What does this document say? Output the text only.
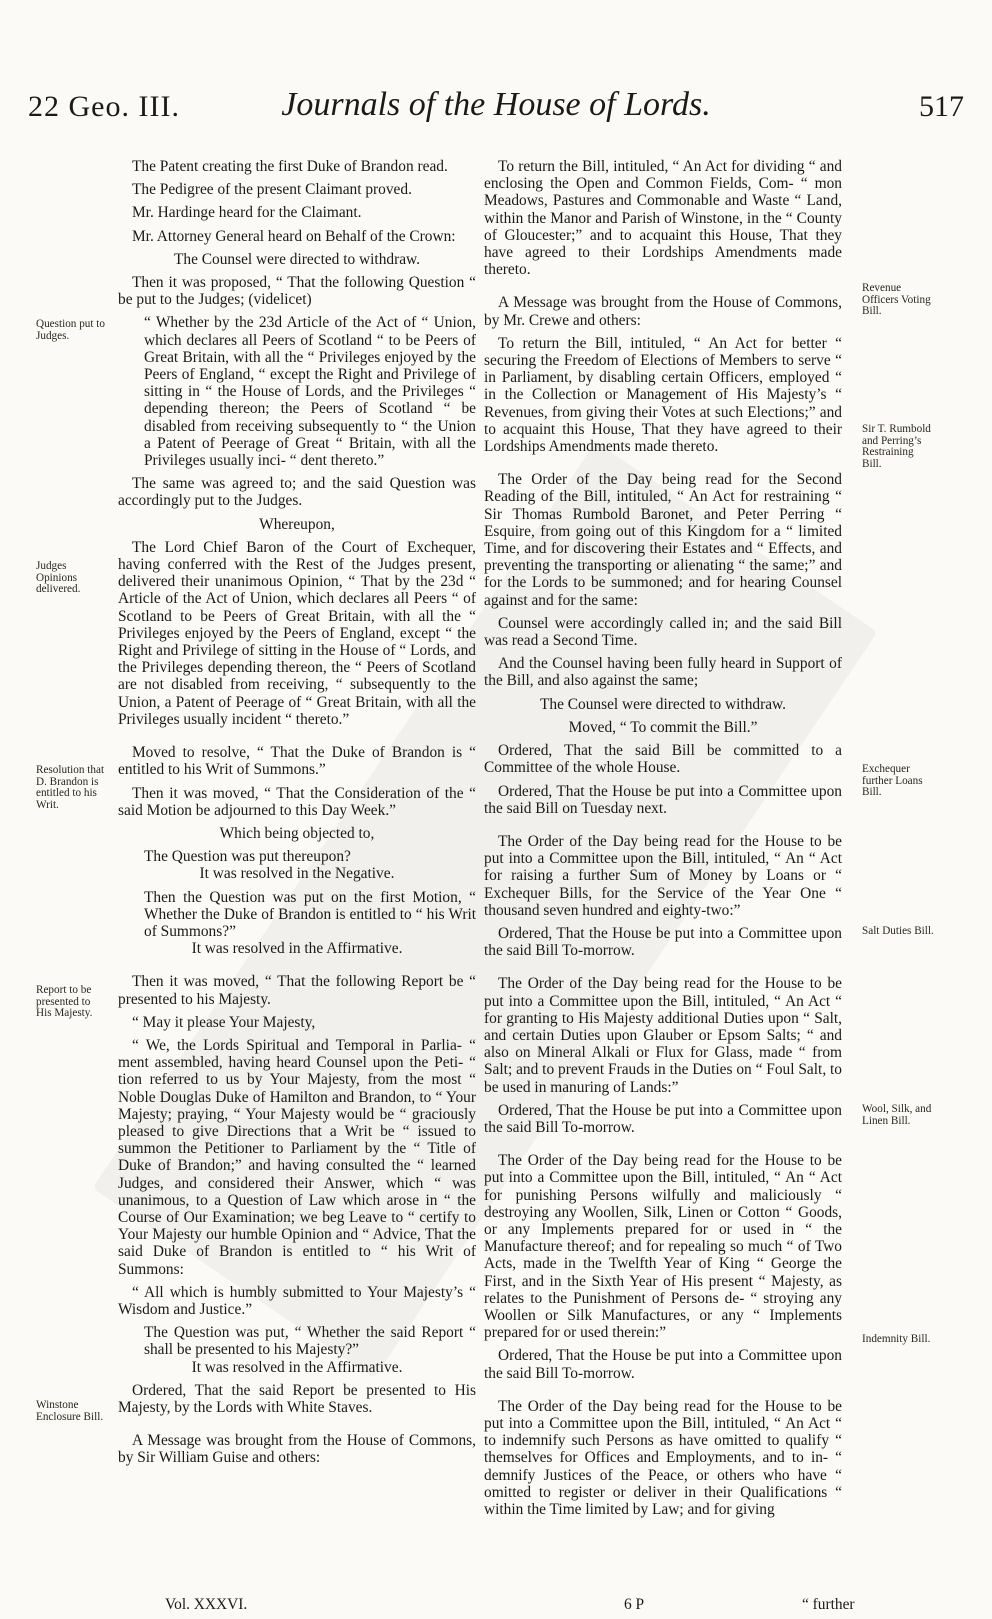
22 Geo. III.	Journals of the House of Lords.	517
Question put to Judges.
Judges Opinions delivered.
Resolution that D. Brandon is entitled to his Writ.
Report to be presented to His Majesty.
Winstone Enclosure Bill.
Revenue Officers Voting Bill.
Sir T. Rumbold and Perring’s Restraining Bill.
Exchequer further Loans Bill.
Salt Duties Bill.
Wool, Silk, and Linen Bill.
Indemnity Bill.

The Patent creating the first Duke of Brandon read.

The Pedigree of the present Claimant proved.

Mr. Hardinge heard for the Claimant.

Mr. Attorney General heard on Behalf of the Crown:

The Counsel were directed to withdraw.

Then it was proposed, “ That the following Question “ be put to the Judges; (videlicet)

“ Whether by the 23d Article of the Act of “ Union, which declares all Peers of Scotland “ to be Peers of Great Britain, with all the “ Privileges enjoyed by the Peers of England, “ except the Right and Privilege of sitting in “ the House of Lords, and the Privileges “ depending thereon; the Peers of Scotland “ be disabled from receiving subsequently to “ the Union a Patent of Peerage of Great “ Britain, with all the Privileges usually inci- “ dent thereto.”

The same was agreed to; and the said Question was accordingly put to the Judges.

Whereupon,

The Lord Chief Baron of the Court of Exchequer, having conferred with the Rest of the Judges present, delivered their unanimous Opinion, “ That by the 23d “ Article of the Act of Union, which declares all Peers “ of Scotland to be Peers of Great Britain, with all the “ Privileges enjoyed by the Peers of England, except “ the Right and Privilege of sitting in the House of “ Lords, and the Privileges depending thereon, the “ Peers of Scotland are not disabled from receiving, “ subsequently to the Union, a Patent of Peerage of “ Great Britain, with all the Privileges usually incident “ thereto.”

Moved to resolve, “ That the Duke of Brandon is “ entitled to his Writ of Summons.”

Then it was moved, “ That the Consideration of the “ said Motion be adjourned to this Day Week.”

Which being objected to,

The Question was put thereupon?

It was resolved in the Negative.

Then the Question was put on the first Motion, “ Whether the Duke of Brandon is entitled to “ his Writ of Summons?”

It was resolved in the Affirmative.

Then it was moved, “ That the following Report be “ presented to his Majesty.

“ May it please Your Majesty,

“ We, the Lords Spiritual and Temporal in Parlia- “ ment assembled, having heard Counsel upon the Peti- “ tion referred to us by Your Majesty, from the most “ Noble Douglas Duke of Hamilton and Brandon, to “ Your Majesty; praying, “ Your Majesty would be “ graciously pleased to give Directions that a Writ be “ issued to summon the Petitioner to Parliament by the “ Title of Duke of Brandon;” and having consulted the “ learned Judges, and considered their Answer, which “ was unanimous, to a Question of Law which arose in “ the Course of Our Examination; we beg Leave to “ certify to Your Majesty our humble Opinion and “ Advice, That the said Duke of Brandon is entitled to “ his Writ of Summons:

“ All which is humbly submitted to Your Majesty’s “ Wisdom and Justice.”

The Question was put, “ Whether the said Report “ shall be presented to his Majesty?”

It was resolved in the Affirmative.

Ordered, That the said Report be presented to His Majesty, by the Lords with White Staves.

A Message was brought from the House of Commons, by Sir William Guise and others:

To return the Bill, intituled, “ An Act for dividing “ and enclosing the Open and Common Fields, Com- “ mon Meadows, Pastures and Commonable and Waste “ Land, within the Manor and Parish of Winstone, in the “ County of Gloucester;” and to acquaint this House, That they have agreed to their Lordships Amendments made thereto.

A Message was brought from the House of Commons, by Mr. Crewe and others:

To return the Bill, intituled, “ An Act for better “ securing the Freedom of Elections of Members to serve “ in Parliament, by disabling certain Officers, employed “ in the Collection or Management of His Majesty’s “ Revenues, from giving their Votes at such Elections;” and to acquaint this House, That they have agreed to their Lordships Amendments made thereto.

The Order of the Day being read for the Second Reading of the Bill, intituled, “ An Act for restraining “ Sir Thomas Rumbold Baronet, and Peter Perring “ Esquire, from going out of this Kingdom for a “ limited Time, and for discovering their Estates and “ Effects, and preventing the transporting or alienating “ the same;” and for the Lords to be summoned; and for hearing Counsel against and for the same:

Counsel were accordingly called in; and the said Bill was read a Second Time.

And the Counsel having been fully heard in Support of the Bill, and also against the same;

The Counsel were directed to withdraw.

Moved, “ To commit the Bill.”

Ordered, That the said Bill be committed to a Committee of the whole House.

Ordered, That the House be put into a Committee upon the said Bill on Tuesday next.

The Order of the Day being read for the House to be put into a Committee upon the Bill, intituled, “ An “ Act for raising a further Sum of Money by Loans or “ Exchequer Bills, for the Service of the Year One “ thousand seven hundred and eighty-two:”

Ordered, That the House be put into a Committee upon the said Bill To-morrow.

The Order of the Day being read for the House to be put into a Committee upon the Bill, intituled, “ An Act “ for granting to His Majesty additional Duties upon “ Salt, and certain Duties upon Glauber or Epsom Salts; “ and also on Mineral Alkali or Flux for Glass, made “ from Salt; and to prevent Frauds in the Duties on “ Foul Salt, to be used in manuring of Lands:”

Ordered, That the House be put into a Committee upon the said Bill To-morrow.

The Order of the Day being read for the House to be put into a Committee upon the Bill, intituled, “ An “ Act for punishing Persons wilfully and maliciously “ destroying any Woollen, Silk, Linen or Cotton “ Goods, or any Implements prepared for or used in “ the Manufacture thereof; and for repealing so much “ of Two Acts, made in the Twelfth Year of King “ George the First, and in the Sixth Year of His present “ Majesty, as relates to the Punishment of Persons de- “ stroying any Woollen or Silk Manufactures, or any “ Implements prepared for or used therein:”

Ordered, That the House be put into a Committee upon the said Bill To-morrow.

The Order of the Day being read for the House to be put into a Committee upon the Bill, intituled, “ An Act “ to indemnify such Persons as have omitted to qualify “ themselves for Offices and Employments, and to in- “ demnify Justices of the Peace, or others who have “ omitted to register or deliver in their Qualifications “ within the Time limited by Law; and for giving

Vol. XXXVI.	6 P	“ further
